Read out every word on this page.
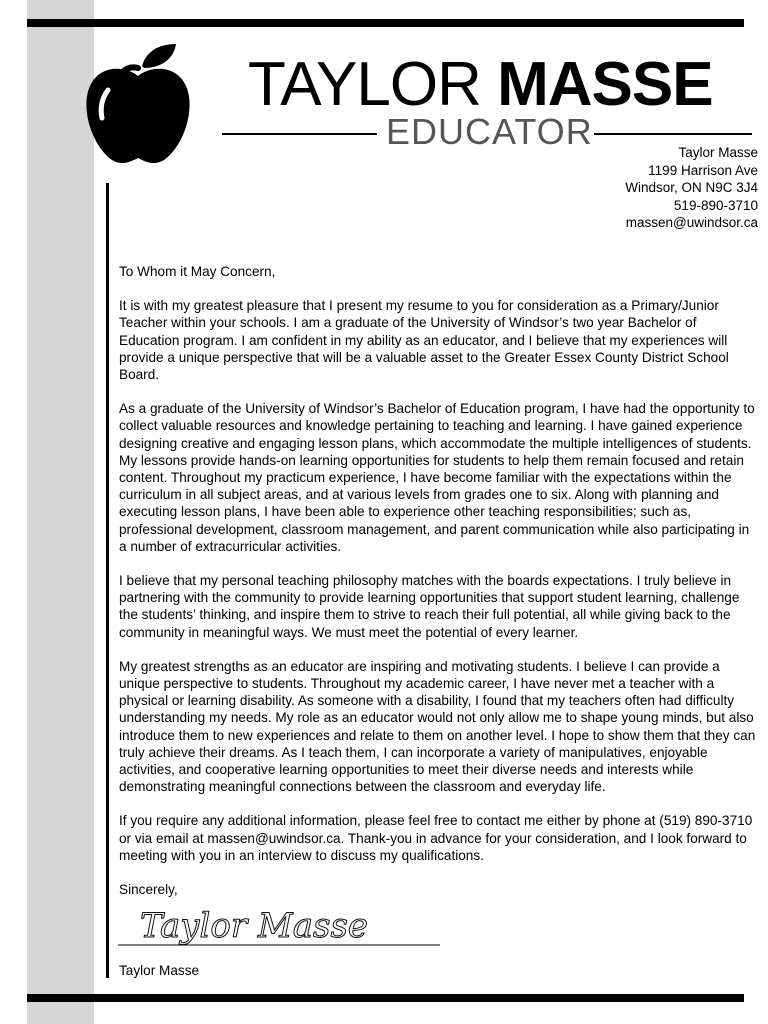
TAYLOR MASSE
EDUCATOR
Taylor Masse
1199 Harrison Ave
Windsor, ON N9C 3J4
519-890-3710
massen@uwindsor.ca

To Whom it May Concern,

It is with my greatest pleasure that I present my resume to you for consideration as a Primary/Junior Teacher within your schools. I am a graduate of the University of Windsor’s two year Bachelor of Education program. I am confident in my ability as an educator, and I believe that my experiences will provide a unique perspective that will be a valuable asset to the Greater Essex County District School Board.

As a graduate of the University of Windsor’s Bachelor of Education program, I have had the opportunity to collect valuable resources and knowledge pertaining to teaching and learning. I have gained experience designing creative and engaging lesson plans, which accommodate the multiple intelligences of students. My lessons provide hands-on learning opportunities for students to help them remain focused and retain content. Throughout my practicum experience, I have become familiar with the expectations within the curriculum in all subject areas, and at various levels from grades one to six. Along with planning and executing lesson plans, I have been able to experience other teaching responsibilities; such as, professional development, classroom management, and parent communication while also participating in a number of extracurricular activities.

I believe that my personal teaching philosophy matches with the boards expectations. I truly believe in partnering with the community to provide learning opportunities that support student learning, challenge the students’ thinking, and inspire them to strive to reach their full potential, all while giving back to the community in meaningful ways. We must meet the potential of every learner.

My greatest strengths as an educator are inspiring and motivating students. I believe I can provide a unique perspective to students. Throughout my academic career, I have never met a teacher with a physical or learning disability. As someone with a disability, I found that my teachers often had difficulty understanding my needs. My role as an educator would not only allow me to shape young minds, but also introduce them to new experiences and relate to them on another level. I hope to show them that they can truly achieve their dreams. As I teach them, I can incorporate a variety of manipulatives, enjoyable activities, and cooperative learning opportunities to meet their diverse needs and interests while demonstrating meaningful connections between the classroom and everyday life.

If you require any additional information, please feel free to contact me either by phone at (519) 890-3710 or via email at massen@uwindsor.ca. Thank-you in advance for your consideration, and I look forward to meeting with you in an interview to discuss my qualifications.

Sincerely,

Taylor Masse
Taylor Masse
